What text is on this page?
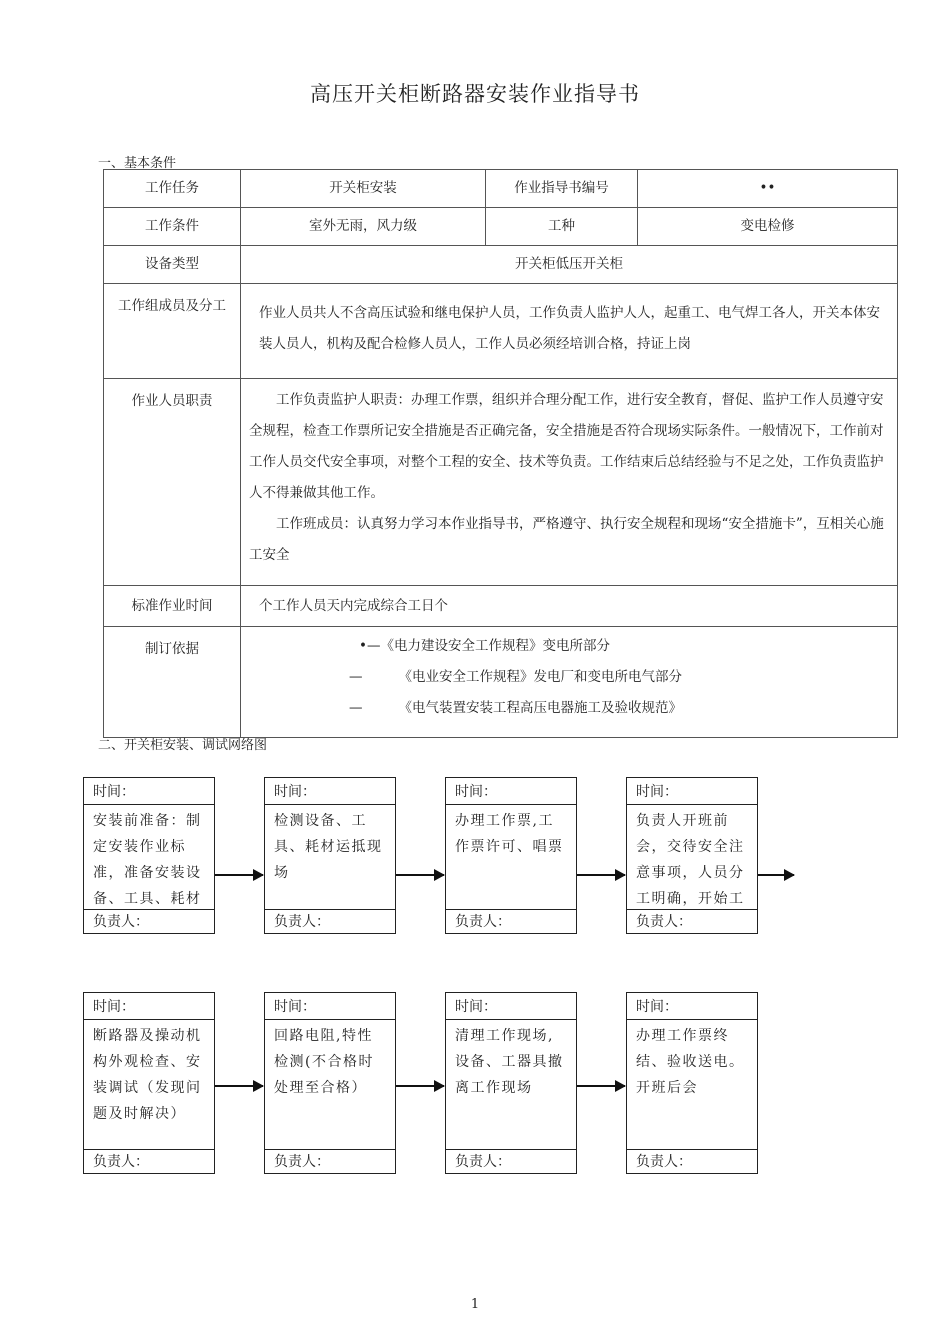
高压开关柜断路器安装作业指导书
一、基本条件
工作任务	开关柜安装	作业指导书编号	••
工作条件	室外无雨，风力级	工种	变电检修
设备类型	开关柜低压开关柜		
工作组成员及分工	作业人员共人不含高压试验和继电保护人员，工作负责人监护人人，起重工、电气焊工各人，开关本体安装人员人，机构及配合检修人员人，工作人员必须经培训合格，持证上岗		
作业人员职责	工作负责监护人职责：办理工作票，组织并合理分配工作，进行安全教育，督促、监护工作人员遵守安全规程，检查工作票所记安全措施是否正确完备，安全措施是否符合现场实际条件。一般情况下，工作前对工作人员交代安全事项，对整个工程的安全、技术等负责。工作结束后总结经验与不足之处，工作负责监护人不得兼做其他工作。

工作班成员：认真努力学习本作业指导书，严格遵守、执行安全规程和现场“安全措施卡”，互相关心施工安全		

标准作业时间	个工作人员天内完成综合工日个		
制订依据	•—《电力建设安全工作规程》变电所部分
— 《电业安全工作规程》发电厂和变电所电气部分
— 《电气装置安装工程高压电器施工及验收规范》		
二、开关柜安装、调试网络图
时间：
安装前准备：制定安装作业标准，准备安装设备、工具、耗材
负责人：
时间：
检测设备、工具、耗材运抵现场
负责人：
时间：
办理工作票,工作票许可、唱票
负责人：
时间：
负责人开班前会，交待安全注意事项，人员分工明确，开始工
负责人：
时间：
断路器及操动机构外观检查、安装调试（发现问题及时解决）
负责人：
时间：
回路电阻,特性检测(不合格时处理至合格）
负责人：
时间：
清理工作现场,设备、工器具撤离工作现场
负责人：
时间：
办理工作票终结、验收送电。开班后会
负责人：
1
